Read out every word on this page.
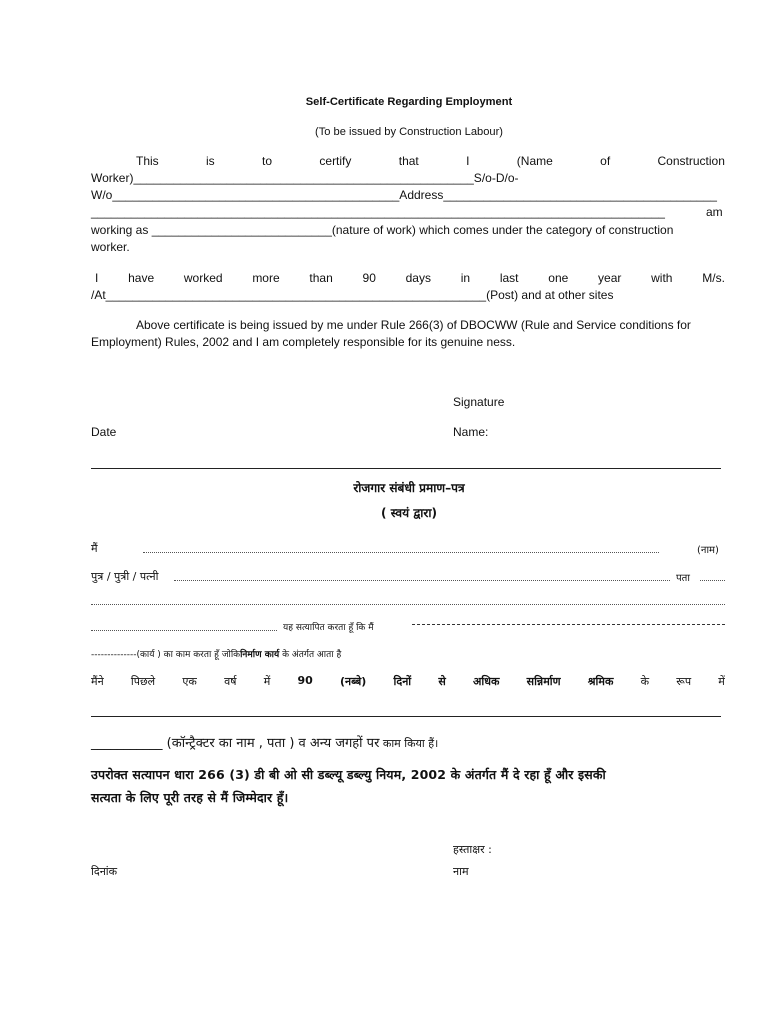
Self-Certificate Regarding Employment
(To be issued by Construction Labour)
This	is	to	certify	that	I	(Name	of	Construction
Worker)___________________________________________________S/o-D/o-
W/o___________________________________________Address_________________________________________
______________________________________________________________________________________	am
working as ___________________________(nature of work) which comes under the category of construction
worker.
I have worked more than 90 days in last one year with M/s.
/At_________________________________________________________(Post) and at other sites
Above certificate is being issued by me under Rule 266(3) of DBOCWW (Rule and Service conditions for
Employment) Rules, 2002 and I am completely responsible for its genuine ness.
Signature
Date	Name:
रोजगार संबंधी प्रमाण–पत्र
( स्वयं द्वारा)
मैं	(नाम)
पुत्र / पुत्री / पत्नी	पता
यह सत्यापित करता हूँ कि मैं
--------------(कार्य ) का काम करता हूँ जोकिनिर्माण कार्य के अंतर्गत आता है
मैंने पिछले एक वर्ष में 90 (नब्बे) दिनों से अधिक सन्निर्माण श्रमिक के रूप में
___________ (कॉन्ट्रैक्टर का नाम , पता ) व अन्य जगहों पर काम किया हैं।
उपरोक्त सत्यापन धारा 266 (3) डी बी ओ सी डब्ल्यू डब्ल्यु नियम, 2002 के अंतर्गत मैं दे रहा हूँ और इसकी
सत्यता के लिए पूरी तरह से मैं जिम्मेदार हूँ।
हस्ताक्षर :
दिनांक	नाम
